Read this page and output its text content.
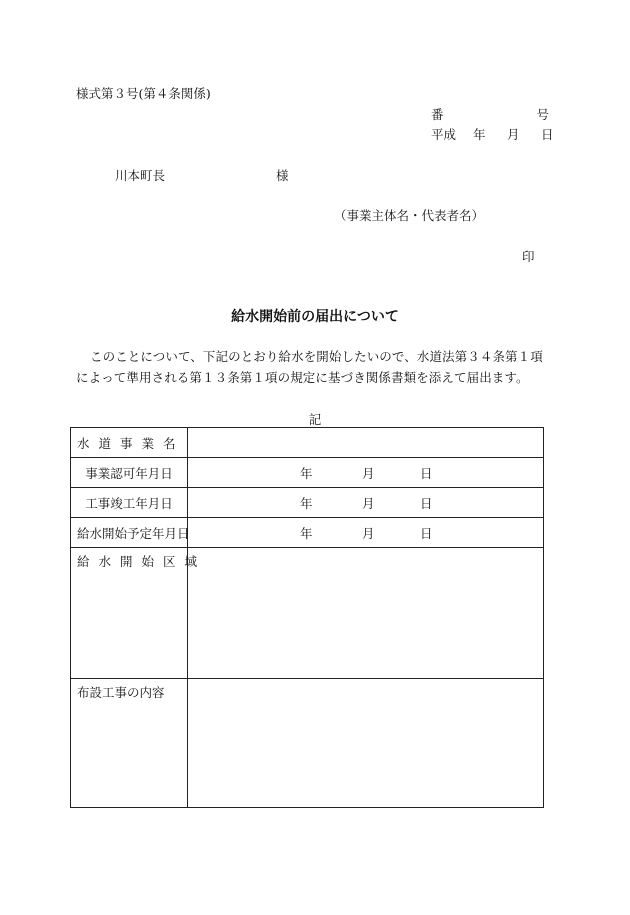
様式第３号(第４条関係)
番	号
平成 年 月 日
川本町長	様
（事業主体名・代表者名）
印
給水開始前の届出について
このことについて、下記のとおり給水を開始したいので、水道法第３４条第１項によって準用される第１３条第１項の規定に基づき関係書類を添えて届出ます。
記
水道事業名	
事業認可年月日	年 月 日

工事竣工年月日	年 月 日

給水開始予定年月日	年 月 日

給水開始区域	
布設工事の内容	
